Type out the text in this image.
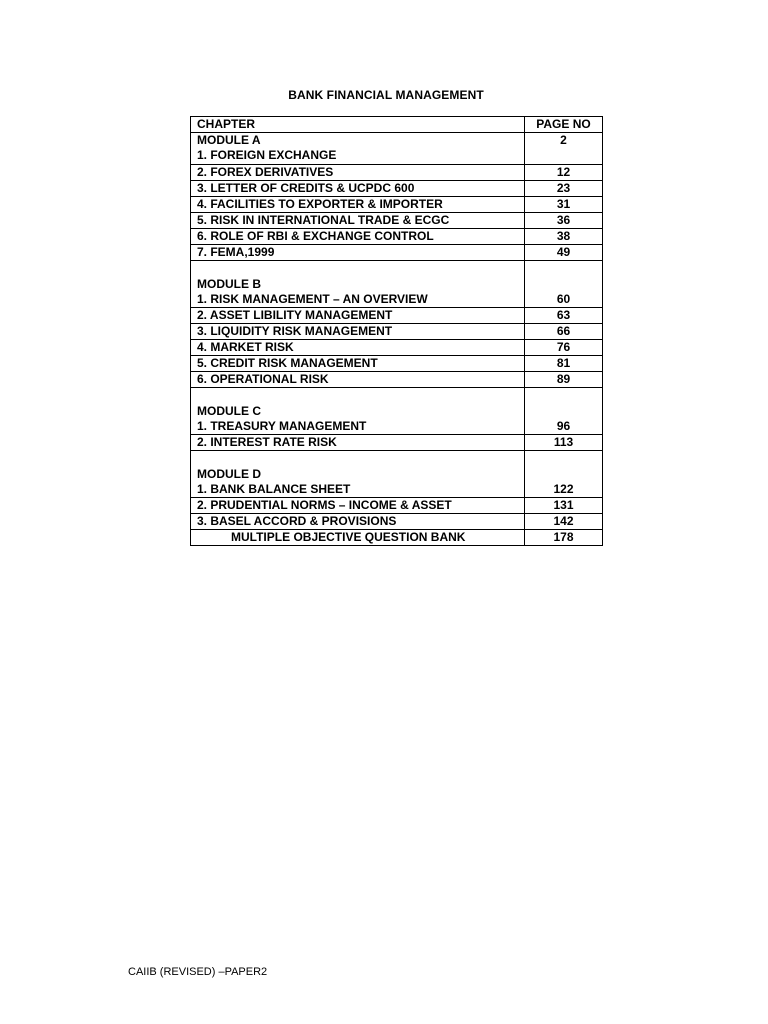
BANK FINANCIAL MANAGEMENT
CHAPTER	PAGE NO

MODULE A
1. FOREIGN EXCHANGE	2

2. FOREX DERIVATIVES	12
3. LETTER OF CREDITS & UCPDC 600	23
4. FACILITIES TO EXPORTER & IMPORTER	31
5. RISK IN INTERNATIONAL TRADE & ECGC	36
6. ROLE OF RBI & EXCHANGE CONTROL	38
7. FEMA,1999	49

MODULE B
1. RISK MANAGEMENT – AN OVERVIEW	60
2. ASSET LIBILITY MANAGEMENT	63
3. LIQUIDITY RISK MANAGEMENT	66
4. MARKET RISK	76
5. CREDIT RISK MANAGEMENT	81
6. OPERATIONAL RISK	89

MODULE C
1. TREASURY MANAGEMENT	96
2. INTEREST RATE RISK	113

MODULE D
1. BANK BALANCE SHEET	122
2. PRUDENTIAL NORMS – INCOME & ASSET	131
3. BASEL ACCORD & PROVISIONS	142
MULTIPLE OBJECTIVE QUESTION BANK	178
CAIIB (REVISED) –PAPER2
